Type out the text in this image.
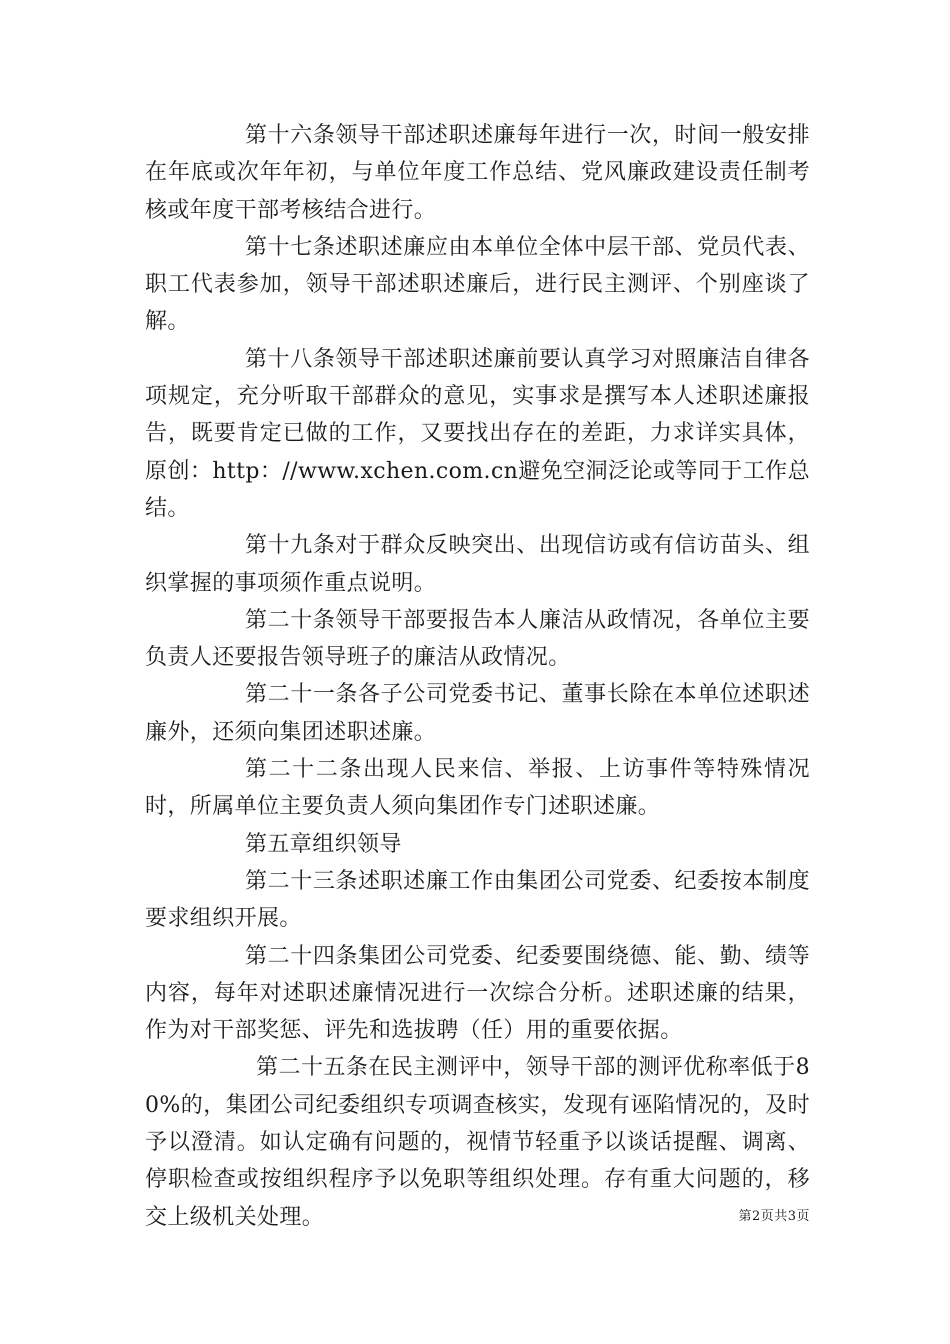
第十六条领导干部述职述廉每年进行一次，时间一般安排在年底或次年年初，与单位年度工作总结、党风廉政建设责任制考核或年度干部考核结合进行。

第十七条述职述廉应由本单位全体中层干部、党员代表、职工代表参加，领导干部述职述廉后，进行民主测评、个别座谈了解。

第十八条领导干部述职述廉前要认真学习对照廉洁自律各项规定，充分听取干部群众的意见，实事求是撰写本人述职述廉报告，既要肯定已做的工作，又要找出存在的差距，力求详实具体，原创：http：//www.xchen.com.cn避免空洞泛论或等同于工作总结。

第十九条对于群众反映突出、出现信访或有信访苗头、组织掌握的事项须作重点说明。

第二十条领导干部要报告本人廉洁从政情况，各单位主要负责人还要报告领导班子的廉洁从政情况。

第二十一条各子公司党委书记、董事长除在本单位述职述廉外，还须向集团述职述廉。

第二十二条出现人民来信、举报、上访事件等特殊情况时，所属单位主要负责人须向集团作专门述职述廉。

第五章组织领导

第二十三条述职述廉工作由集团公司党委、纪委按本制度要求组织开展。

第二十四条集团公司党委、纪委要围绕德、能、勤、绩等内容，每年对述职述廉情况进行一次综合分析。述职述廉的结果，作为对干部奖惩、评先和选拔聘（任）用的重要依据。

第二十五条在民主测评中，领导干部的测评优称率低于80%的，集团公司纪委组织专项调查核实，发现有诬陷情况的，及时予以澄清。如认定确有问题的，视情节轻重予以谈话提醒、调离、停职检查或按组织程序予以免职等组织处理。存有重大问题的，移交上级机关处理。	第2页共3页
